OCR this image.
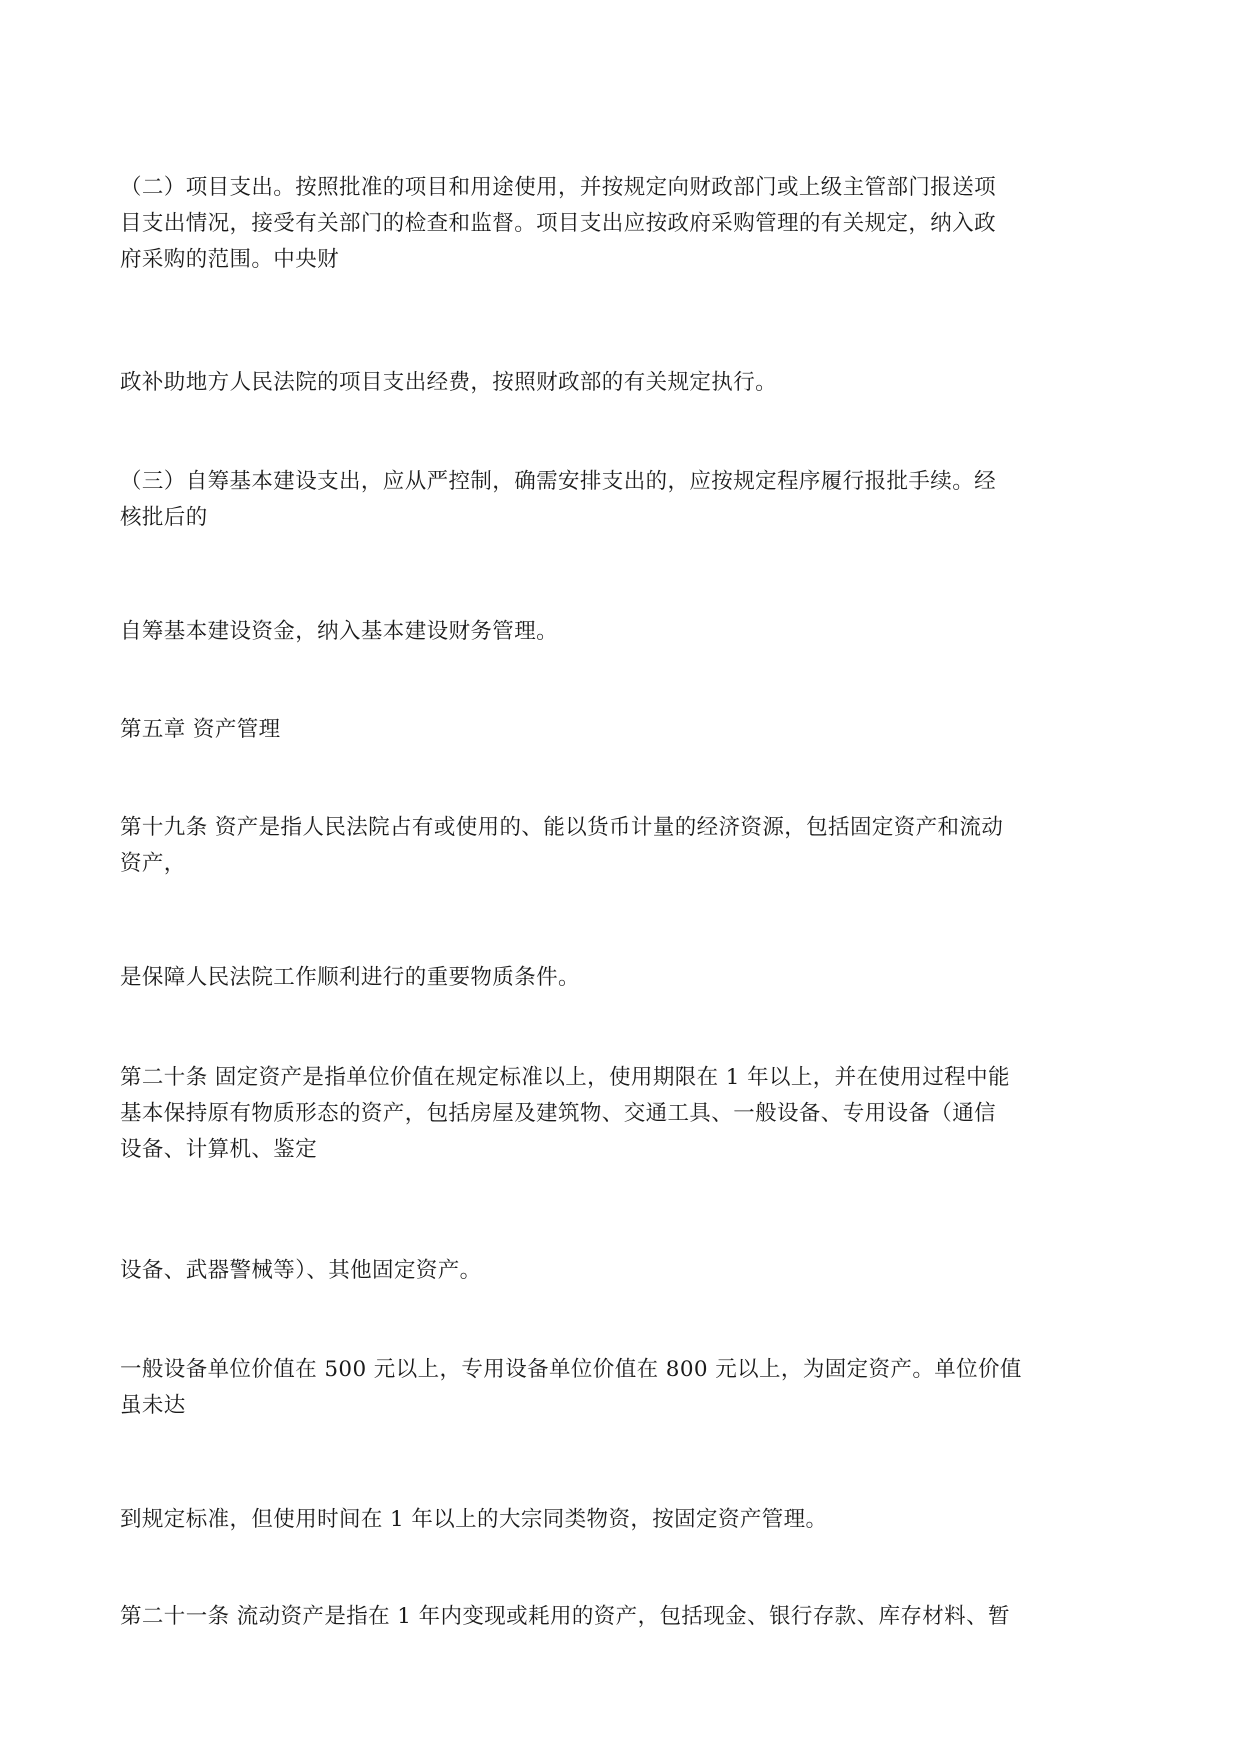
（二）项目支出。按照批准的项目和用途使用，并按规定向财政部门或上级主管部门报送项
目支出情况，接受有关部门的检查和监督。项目支出应按政府采购管理的有关规定，纳入政
府采购的范围。中央财
政补助地方人民法院的项目支出经费，按照财政部的有关规定执行。
（三）自筹基本建设支出，应从严控制，确需安排支出的，应按规定程序履行报批手续。经
核批后的
自筹基本建设资金，纳入基本建设财务管理。
第五章 资产管理
第十九条 资产是指人民法院占有或使用的、能以货币计量的经济资源，包括固定资产和流动
资产，
是保障人民法院工作顺利进行的重要物质条件。
第二十条 固定资产是指单位价值在规定标准以上，使用期限在 1 年以上，并在使用过程中能
基本保持原有物质形态的资产，包括房屋及建筑物、交通工具、一般设备、专用设备（通信
设备、计算机、鉴定
设备、武器警械等）、其他固定资产。
一般设备单位价值在 500 元以上，专用设备单位价值在 800 元以上，为固定资产。单位价值
虽未达
到规定标准，但使用时间在 1 年以上的大宗同类物资，按固定资产管理。
第二十一条 流动资产是指在 1 年内变现或耗用的资产，包括现金、银行存款、库存材料、暂
